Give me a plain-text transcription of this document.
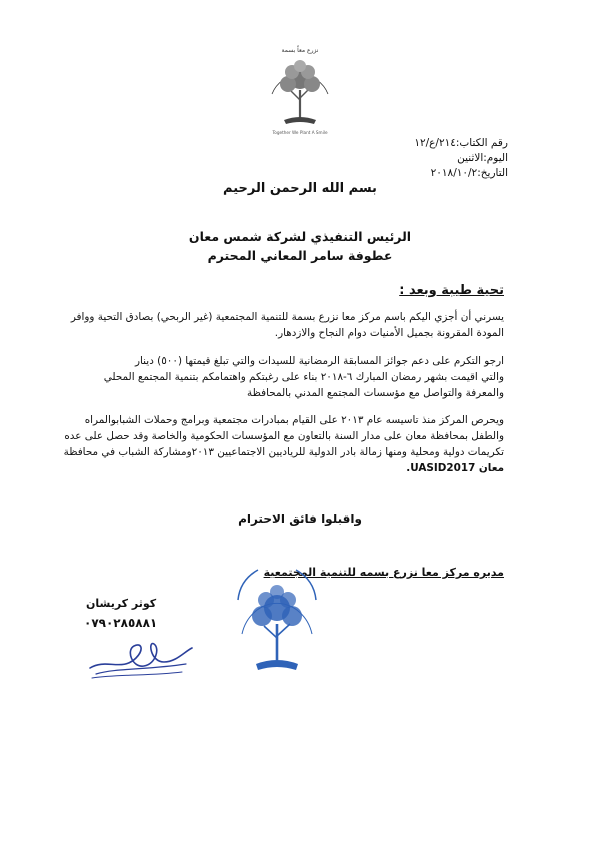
نزرع معاً بسمة
Together We Plant A Smile
رقم الكتاب:٢١٤/ع/١٢
اليوم:الاثنين
التاريخ:٢٠١٨/١٠/٢
بسم الله الرحمن الرحيم
الرئيس التنفيذي لشركة شمس معان
عطوفة سامر المعاني المحترم
تحية طيبة وبعد :
يسرني أن أجزي اليكم باسم مركز معا نزرع بسمة للتنمية المجتمعية (غير الربحي) بصادق التحية ووافر
المودة المقرونة بجميل الأمنيات دوام النجاح والازدهار.
ارجو التكرم على دعم جوائز المسابقة الرمضانية للسيدات والتي تبلغ قيمتها (٥٠٠) دينار
والتي اقيمت بشهر رمضان المبارك ٦-٢٠١٨ بناء على رغبتكم واهتمامكم بتنمية المجتمع المحلي
والمعرفة والتواصل مع مؤسسات المجتمع المدني بالمحافظة
ويحرص المركز منذ تاسيسه عام ٢٠١٣ على القيام بمبادرات مجتمعية وبرامج وحملات الشبابوالمراه
والطفل بمحافظة معان على مدار السنة بالتعاون مع المؤسسات الحكومية والخاصة وقد حصل على عده
تكريمات دولية ومحلية ومنها زمالة بادر الدولية للرياديين الاجتماعيين ٢٠١٣ومشاركة الشباب في محافظة
معان UASID2017.
واقبلوا فائق الاحترام
مديره مركز معا نزرع بسمه للتنمية المجتمعية
كوثر كريشان
٠٧٩٠٢٨٥٨٨١
